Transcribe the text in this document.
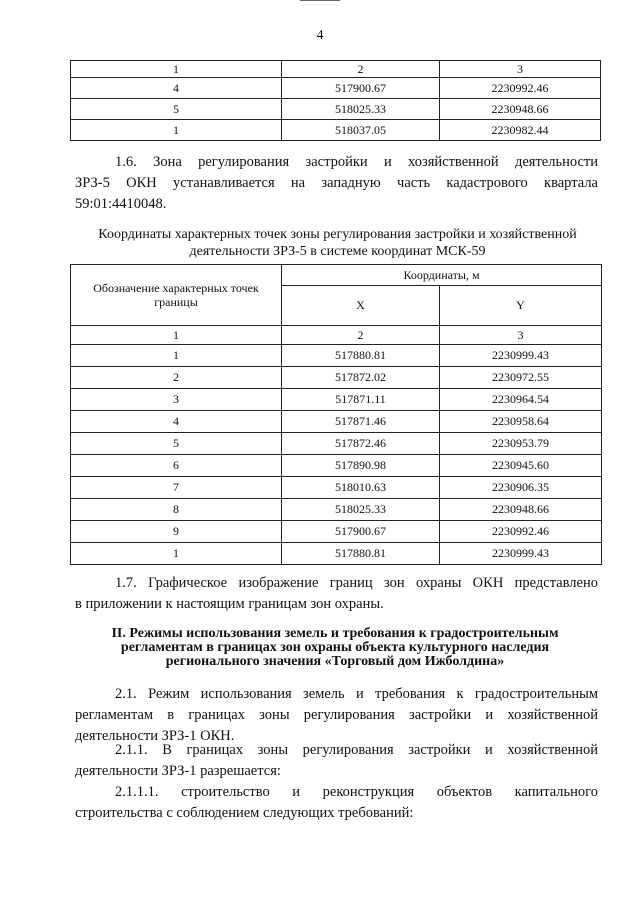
4
1	2	3
4	517900.67	2230992.46
5	518025.33	2230948.66
1	518037.05	2230982.44
1.6. Зона регулирования застройки и хозяйственной деятельности
ЗРЗ-5 ОКН устанавливается на западную часть кадастрового квартала
59:01:4410048.
Координаты характерных точек зоны регулирования застройки и хозяйственной
деятельности ЗРЗ-5 в системе координат МСК-59
Обозначение характерных точек границы	Координаты, м	
	X	Y
1	2	3
1	517880.81	2230999.43
2	517872.02	2230972.55
3	517871.11	2230964.54
4	517871.46	2230958.64
5	517872.46	2230953.79
6	517890.98	2230945.60
7	518010.63	2230906.35
8	518025.33	2230948.66
9	517900.67	2230992.46
1	517880.81	2230999.43
1.7. Графическое изображение границ зон охраны ОКН представлено
в приложении к настоящим границам зон охраны.
II. Режимы использования земель и требования к градостроительным
регламентам в границах зон охраны объекта культурного наследия
регионального значения «Торговый дом Ижболдина»
2.1. Режим использования земель и требования к градостроительным
регламентам в границах зоны регулирования застройки и хозяйственной
деятельности ЗРЗ-1 ОКН.
2.1.1. В границах зоны регулирования застройки и хозяйственной
деятельности ЗРЗ-1 разрешается:
2.1.1.1. строительство и реконструкция объектов капитального
строительства с соблюдением следующих требований:
